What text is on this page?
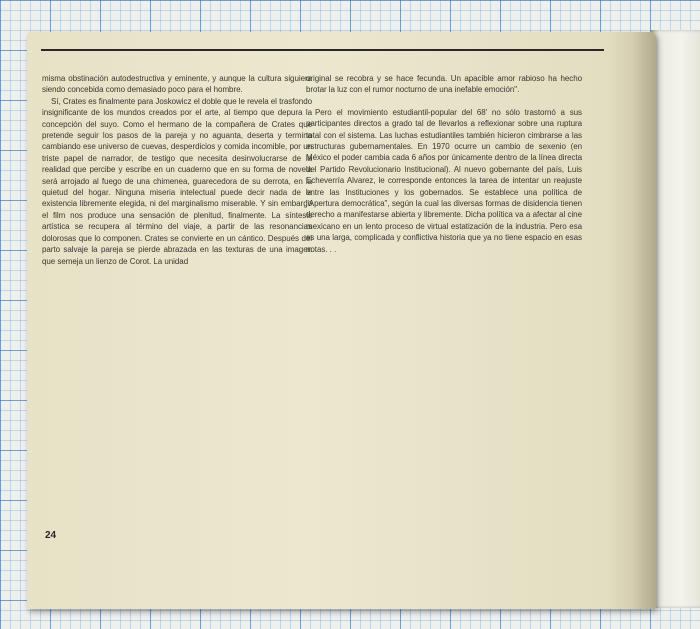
misma obstinación autodestructiva y eminente, y aunque la cultura siguiera siendo concebida como demasiado poco para el hombre.

Sí, Crates es finalmente para Joskowicz el doble que le revela el trasfondo insignificante de los mundos creados por el arte, al tiempo que depura la concepción del suyo. Como el hermano de la compañera de Crates que pretende seguir los pasos de la pareja y no aguanta, deserta y termina cambiando ese universo de cuevas, desperdicios y comida incomible, por un triste papel de narrador, de testigo que necesita desinvolucrarse de la realidad que percibe y escribe en un cuaderno que en su forma de novela será arrojado al fuego de una chimenea, guarecedora de su derrota, en la quietud del hogar. Ninguna miseria intelectual puede decir nada de la existencia libremente elegida, ni del marginalismo miserable. Y sin embargo el film nos produce una sensación de plenitud, finalmente. La síntesis artística se recupera al término del viaje, a partir de las resonancias dolorosas que lo componen. Crates se convierte en un cántico. Después del parto salvaje la pareja se pierde abrazada en las texturas de una imagen que semeja un lienzo de Corot. La unidad

original se recobra y se hace fecunda. Un apacible amor rabioso ha hecho brotar la luz con el rumor nocturno de una inefable emoción".

Pero el movimiento estudiantil-popular del 68' no sólo trastornó a sus participantes directos a grado tal de llevarlos a reflexionar sobre una ruptura total con el sistema. Las luchas estudiantiles también hicieron cimbrarse a las estructuras gubernamentales. En 1970 ocurre un cambio de sexenio (en México el poder cambia cada 6 años por únicamente dentro de la línea directa del Partido Revolucionario Institucional). Al nuevo gobernante del país, Luis Echeverría Alvarez, le corresponde entonces la tarea de intentar un reajuste entre las Instituciones y los gobernados. Se establece una política de "Apertura democrática", según la cual las diversas formas de disidencia tienen derecho a manifestarse abierta y libremente. Dicha política va a afectar al cine mexicano en un lento proceso de virtual estatización de la industria. Pero esa es una larga, complicada y conflictiva historia que ya no tiene espacio en esas notas. . .

24
